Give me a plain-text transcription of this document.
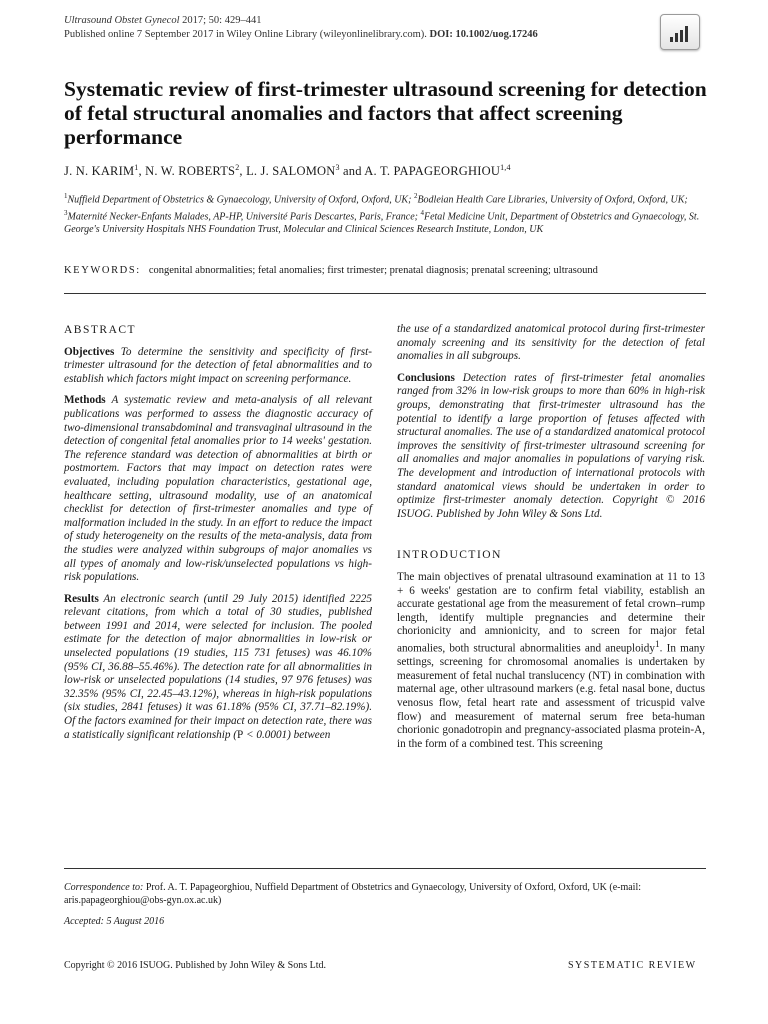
Ultrasound Obstet Gynecol 2017; 50: 429–441
Published online 7 September 2017 in Wiley Online Library (wileyonlinelibrary.com). DOI: 10.1002/uog.17246
Systematic review of first-trimester ultrasound screening for detection of fetal structural anomalies and factors that affect screening performance
J. N. KARIM$^1$, N. W. ROBERTS$^2$, L. J. SALOMON$^3$ and A. T. PAPAGEORGHIOU$^{1,4}$
$^1$Nuffield Department of Obstetrics & Gynaecology, University of Oxford, Oxford, UK; $^2$Bodleian Health Care Libraries, University of Oxford, Oxford, UK; $^3$Maternité Necker-Enfants Malades, AP-HP, Université Paris Descartes, Paris, France; $^4$Fetal Medicine Unit, Department of Obstetrics and Gynaecology, St. George's University Hospitals NHS Foundation Trust, Molecular and Clinical Sciences Research Institute, London, UK
KEYWORDS: congenital abnormalities; fetal anomalies; first trimester; prenatal diagnosis; prenatal screening; ultrasound
ABSTRACT

Objectives To determine the sensitivity and specificity of first-trimester ultrasound for the detection of fetal abnormalities and to establish which factors might impact on screening performance.

Methods A systematic review and meta-analysis of all relevant publications was performed to assess the diagnostic accuracy of two-dimensional transabdominal and transvaginal ultrasound in the detection of congenital fetal anomalies prior to 14 weeks' gestation. The reference standard was detection of abnormalities at birth or postmortem. Factors that may impact on detection rates were evaluated, including population characteristics, gestational age, healthcare setting, ultrasound modality, use of an anatomical checklist for detection of first-trimester anomalies and type of malformation included in the study. In an effort to reduce the impact of study heterogeneity on the results of the meta-analysis, data from the studies were analyzed within subgroups of major anomalies vs all types of anomaly and low-risk/unselected populations vs high-risk populations.

Results An electronic search (until 29 July 2015) identified 2225 relevant citations, from which a total of 30 studies, published between 1991 and 2014, were selected for inclusion. The pooled estimate for the detection of major abnormalities in low-risk or unselected populations (19 studies, 115 731 fetuses) was 46.10% (95% CI, 36.88–55.46%). The detection rate for all abnormalities in low-risk or unselected populations (14 studies, 97 976 fetuses) was 32.35% (95% CI, 22.45–43.12%), whereas in high-risk populations (six studies, 2841 fetuses) it was 61.18% (95% CI, 37.71–82.19%). Of the factors examined for their impact on detection rate, there was a statistically significant relationship (P < 0.0001) between

the use of a standardized anatomical protocol during first-trimester anomaly screening and its sensitivity for the detection of fetal anomalies in all subgroups.

Conclusions Detection rates of first-trimester fetal anomalies ranged from 32% in low-risk groups to more than 60% in high-risk groups, demonstrating that first-trimester ultrasound has the potential to identify a large proportion of fetuses affected with structural anomalies. The use of a standardized anatomical protocol improves the sensitivity of first-trimester ultrasound screening for all anomalies and major anomalies in populations of varying risk. The development and introduction of international protocols with standard anatomical views should be undertaken in order to optimize first-trimester anomaly detection. Copyright © 2016 ISUOG. Published by John Wiley & Sons Ltd.

INTRODUCTION

The main objectives of prenatal ultrasound examination at 11 to 13 + 6 weeks' gestation are to confirm fetal viability, establish an accurate gestational age from the measurement of fetal crown–rump length, identify multiple pregnancies and determine their chorionicity and amnionicity, and to screen for major fetal anomalies, both structural abnormalities and aneuploidy$^1$. In many settings, screening for chromosomal anomalies is undertaken by measurement of fetal nuchal translucency (NT) in combination with maternal age, other ultrasound markers (e.g. fetal nasal bone, ductus venosus flow, fetal heart rate and assessment of tricuspid valve flow) and measurement of maternal serum free beta-human chorionic gonadotropin and pregnancy-associated plasma protein-A, in the form of a combined test. This screening

Correspondence to: Prof. A. T. Papageorghiou, Nuffield Department of Obstetrics and Gynaecology, University of Oxford, Oxford, UK (e-mail: aris.papageorghiou@obs-gyn.ox.ac.uk)
Accepted: 5 August 2016
Copyright © 2016 ISUOG. Published by John Wiley & Sons Ltd.	SYSTEMATIC REVIEW
